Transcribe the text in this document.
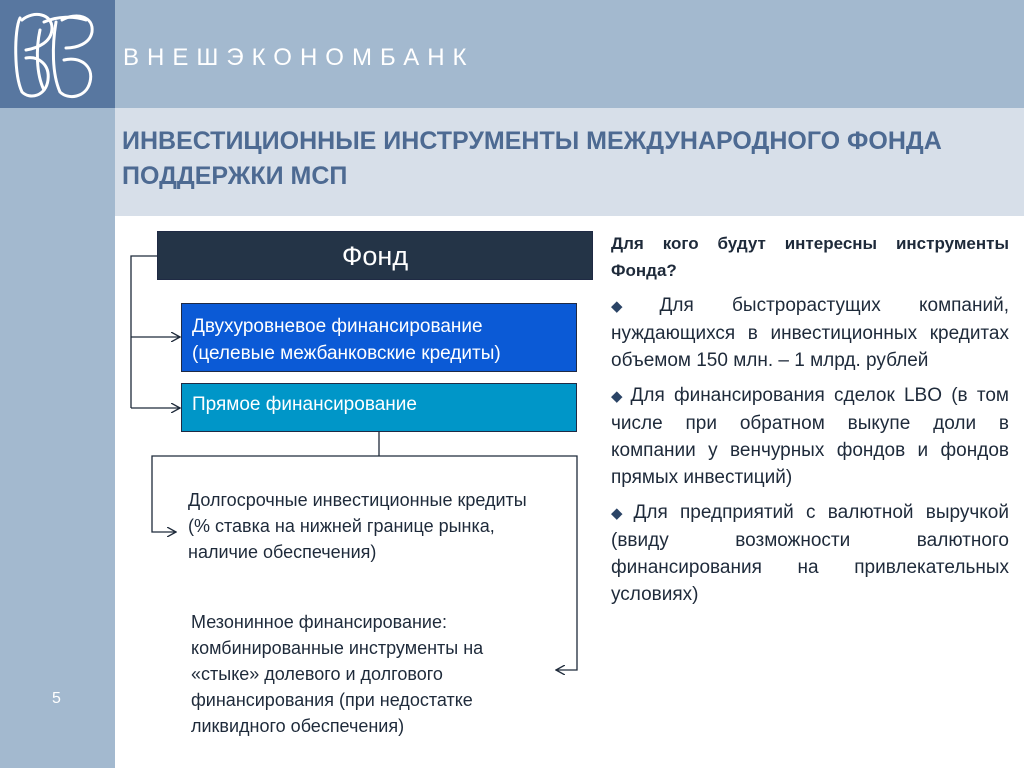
ВНЕШЭКОНОМБАНК
ИНВЕСТИЦИОННЫЕ ИНСТРУМЕНТЫ МЕЖДУНАРОДНОГО ФОНДА ПОДДЕРЖКИ МСП
5
Фонд
Двухуровневое финансирование (целевые межбанковские кредиты)
Прямое финансирование
Долгосрочные инвестиционные кредиты (% ставка на нижней границе рынка, наличие обеспечения)
Мезонинное финансирование: комбинированные инструменты на «стыке» долевого и долгового финансирования (при недостатке ликвидного обеспечения)
Для кого будут интересны инструменты Фонда?
◆ Для быстрорастущих компаний, нуждающихся в инвестиционных кредитах объемом 150 млн. – 1 млрд. рублей
◆ Для финансирования сделок LBO (в том числе при обратном выкупе доли в компании у венчурных фондов и фондов прямых инвестиций)
◆ Для предприятий с валютной выручкой (ввиду возможности валютного финансирования на привлекательных условиях)
